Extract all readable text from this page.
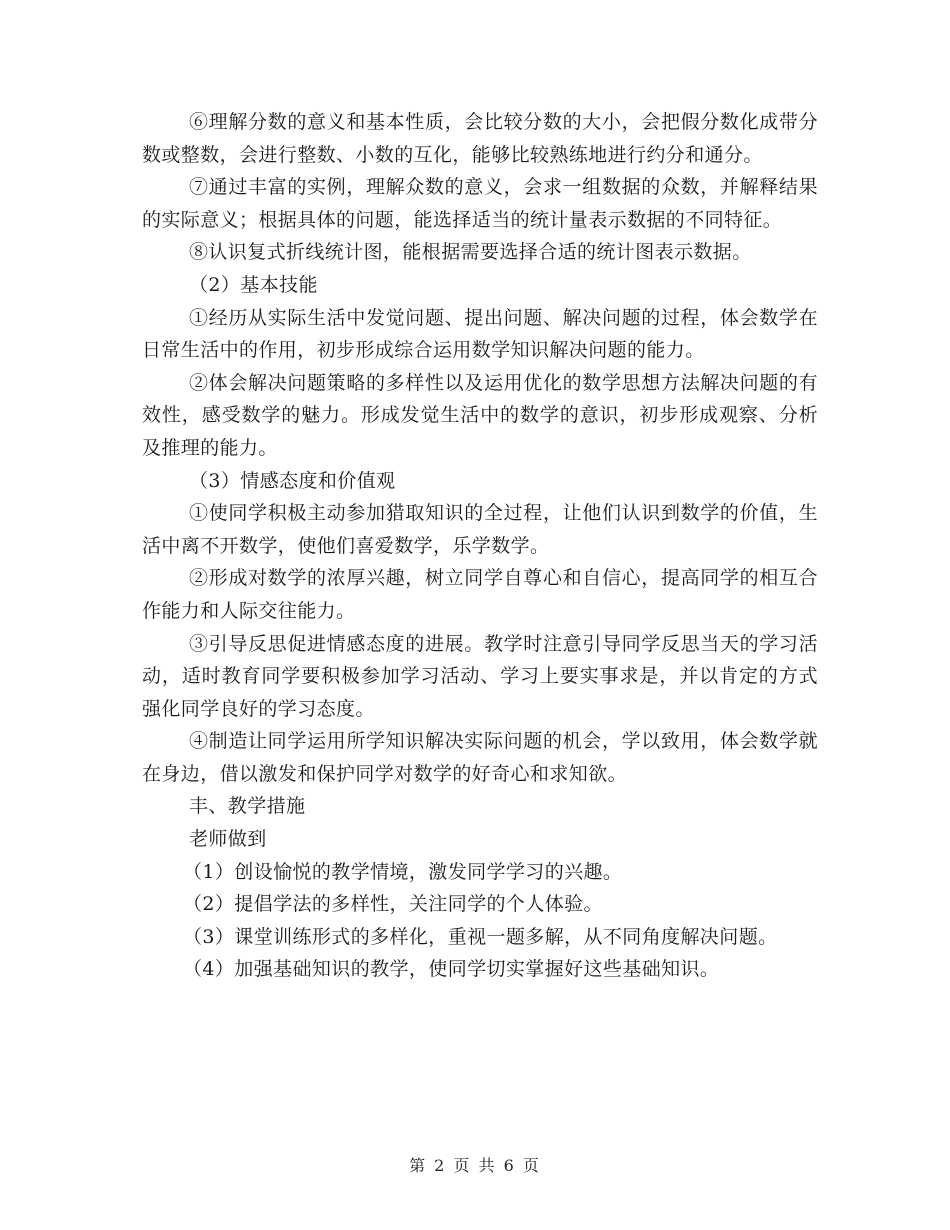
⑥理解分数的意义和基本性质，会比较分数的大小，会把假分数化成带分数或整数，会进行整数、小数的互化，能够比较熟练地进行约分和通分。

⑦通过丰富的实例，理解众数的意义，会求一组数据的众数，并解释结果的实际意义；根据具体的问题，能选择适当的统计量表示数据的不同特征。

⑧认识复式折线统计图，能根据需要选择合适的统计图表示数据。

（2）基本技能

①经历从实际生活中发觉问题、提出问题、解决问题的过程，体会数学在日常生活中的作用，初步形成综合运用数学知识解决问题的能力。

②体会解决问题策略的多样性以及运用优化的数学思想方法解决问题的有效性，感受数学的魅力。形成发觉生活中的数学的意识，初步形成观察、分析及推理的能力。

（3）情感态度和价值观

①使同学积极主动参加猎取知识的全过程，让他们认识到数学的价值，生活中离不开数学，使他们喜爱数学，乐学数学。

②形成对数学的浓厚兴趣，树立同学自尊心和自信心，提高同学的相互合作能力和人际交往能力。

③引导反思促进情感态度的进展。教学时注意引导同学反思当天的学习活动，适时教育同学要积极参加学习活动、学习上要实事求是，并以肯定的方式强化同学良好的学习态度。

④制造让同学运用所学知识解决实际问题的机会，学以致用，体会数学就在身边，借以激发和保护同学对数学的好奇心和求知欲。

丰、教学措施

老师做到

（1）创设愉悦的教学情境，激发同学学习的兴趣。

（2）提倡学法的多样性，关注同学的个人体验。

（3）课堂训练形式的多样化，重视一题多解，从不同角度解决问题。

（4）加强基础知识的教学，使同学切实掌握好这些基础知识。

第 2 页 共 6 页
